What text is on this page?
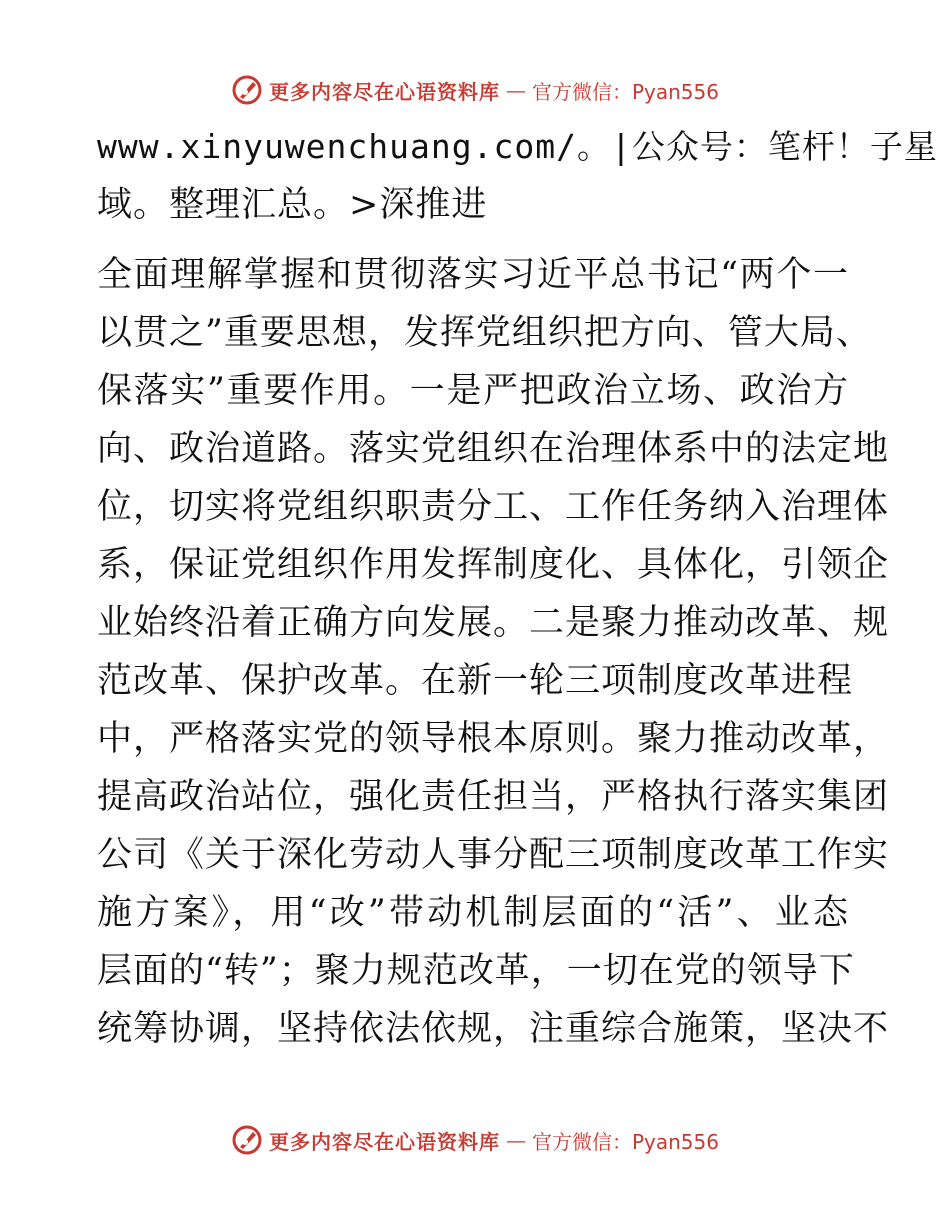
更多内容尽在心语资料库 — 官方微信：Pyan556
www.xinyuwenchuang.com/。|公众号：笔杆！子星
域。整理汇总。>深推进
全面理解掌握和贯彻落实习近平总书记“两个一
以贯之”重要思想，发挥党组织把方向、管大局、
保落实”重要作用。一是严把政治立场、政治方
向、政治道路。落实党组织在治理体系中的法定地
位，切实将党组织职责分工、工作任务纳入治理体
系，保证党组织作用发挥制度化、具体化，引领企
业始终沿着正确方向发展。二是聚力推动改革、规
范改革、保护改革。在新一轮三项制度改革进程
中，严格落实党的领导根本原则。聚力推动改革，
提高政治站位，强化责任担当，严格执行落实集团
公司《关于深化劳动人事分配三项制度改革工作实
施方案》，用“改”带动机制层面的“活”、业态
层面的“转”；聚力规范改革，一切在党的领导下
统筹协调，坚持依法依规，注重综合施策，坚决不
更多内容尽在心语资料库 — 官方微信：Pyan556
